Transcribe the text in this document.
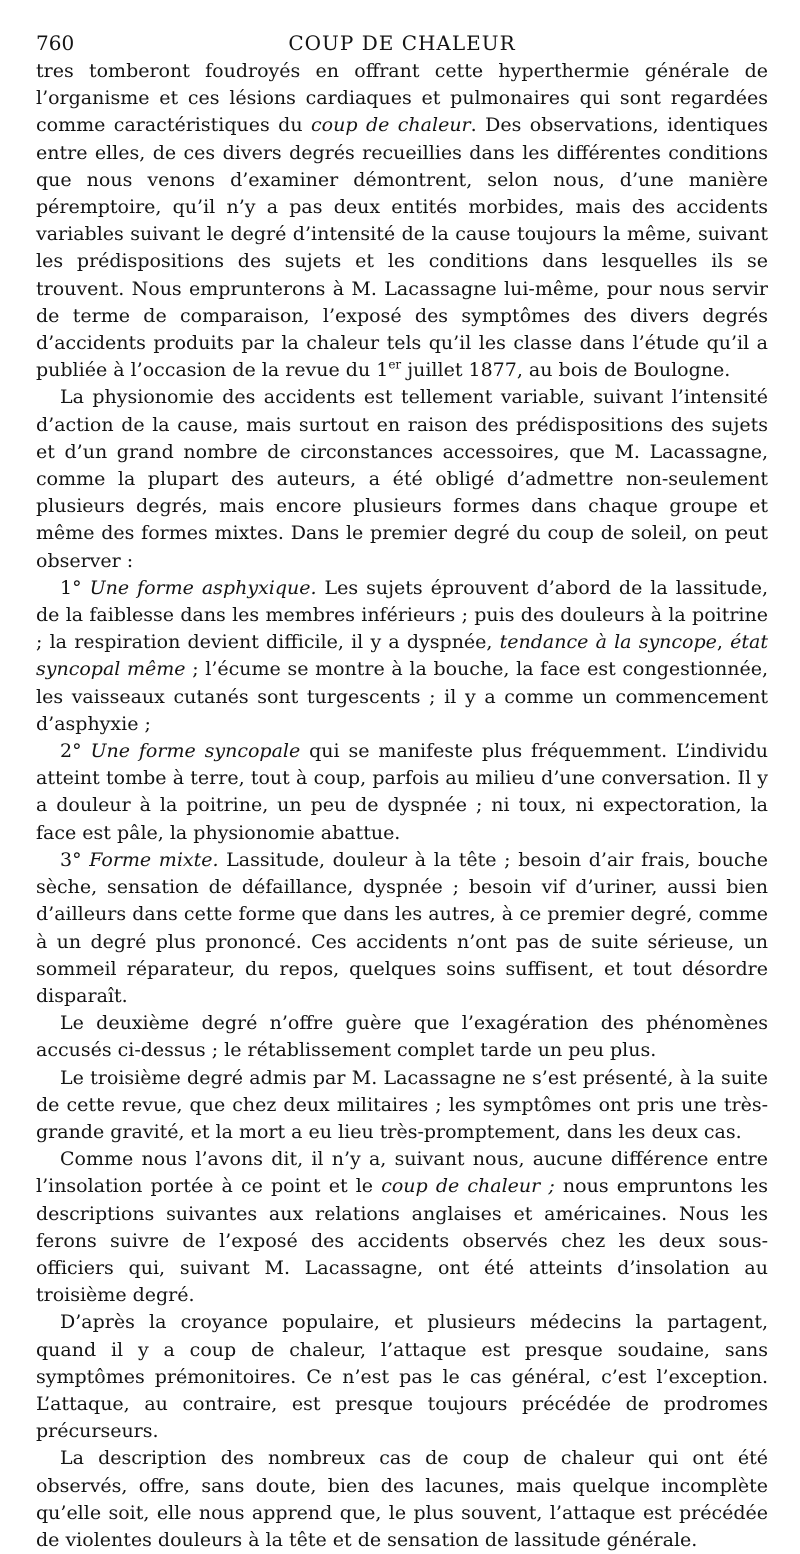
760	COUP DE CHALEUR

tres tomberont foudroyés en offrant cette hyperthermie générale de l’organisme et ces lésions cardiaques et pulmonaires qui sont regardées comme caractéristiques du coup de chaleur. Des observations, identiques entre elles, de ces divers degrés recueillies dans les différentes conditions que nous venons d’examiner démontrent, selon nous, d’une manière péremptoire, qu’il n’y a pas deux entités morbides, mais des accidents variables suivant le degré d’intensité de la cause toujours la même, suivant les prédispositions des sujets et les conditions dans lesquelles ils se trouvent. Nous emprunterons à M. Lacassagne lui-même, pour nous servir de terme de comparaison, l’exposé des symptômes des divers degrés d’accidents produits par la chaleur tels qu’il les classe dans l’étude qu’il a publiée à l’occasion de la revue du 1er juillet 1877, au bois de Boulogne.

La physionomie des accidents est tellement variable, suivant l’intensité d’action de la cause, mais surtout en raison des prédispositions des sujets et d’un grand nombre de circonstances accessoires, que M. Lacassagne, comme la plupart des auteurs, a été obligé d’admettre non-seulement plusieurs degrés, mais encore plusieurs formes dans chaque groupe et même des formes mixtes. Dans le premier degré du coup de soleil, on peut observer :

1° Une forme asphyxique. Les sujets éprouvent d’abord de la lassitude, de la faiblesse dans les membres inférieurs ; puis des douleurs à la poitrine ; la respiration devient difficile, il y a dyspnée, tendance à la syncope, état syncopal même ; l’écume se montre à la bouche, la face est congestionnée, les vaisseaux cutanés sont turgescents ; il y a comme un commencement d’asphyxie ;

2° Une forme syncopale qui se manifeste plus fréquemment. L’individu atteint tombe à terre, tout à coup, parfois au milieu d’une conversation. Il y a douleur à la poitrine, un peu de dyspnée ; ni toux, ni expectoration, la face est pâle, la physionomie abattue.

3° Forme mixte. Lassitude, douleur à la tête ; besoin d’air frais, bouche sèche, sensation de défaillance, dyspnée ; besoin vif d’uriner, aussi bien d’ailleurs dans cette forme que dans les autres, à ce premier degré, comme à un degré plus prononcé. Ces accidents n’ont pas de suite sérieuse, un sommeil réparateur, du repos, quelques soins suffisent, et tout désordre disparaît.

Le deuxième degré n’offre guère que l’exagération des phénomènes accusés ci-dessus ; le rétablissement complet tarde un peu plus.

Le troisième degré admis par M. Lacassagne ne s’est présenté, à la suite de cette revue, que chez deux militaires ; les symptômes ont pris une très-grande gravité, et la mort a eu lieu très-promptement, dans les deux cas.

Comme nous l’avons dit, il n’y a, suivant nous, aucune différence entre l’insolation portée à ce point et le coup de chaleur ; nous empruntons les descriptions suivantes aux relations anglaises et américaines. Nous les ferons suivre de l’exposé des accidents observés chez les deux sous-officiers qui, suivant M. Lacassagne, ont été atteints d’insolation au troisième degré.

D’après la croyance populaire, et plusieurs médecins la partagent, quand il y a coup de chaleur, l’attaque est presque soudaine, sans symptômes prémonitoires. Ce n’est pas le cas général, c’est l’exception. L’attaque, au contraire, est presque toujours précédée de prodromes précurseurs.

La description des nombreux cas de coup de chaleur qui ont été observés, offre, sans doute, bien des lacunes, mais quelque incomplète qu’elle soit, elle nous apprend que, le plus souvent, l’attaque est précédée de violentes douleurs à la tête et de sensation de lassitude générale.
